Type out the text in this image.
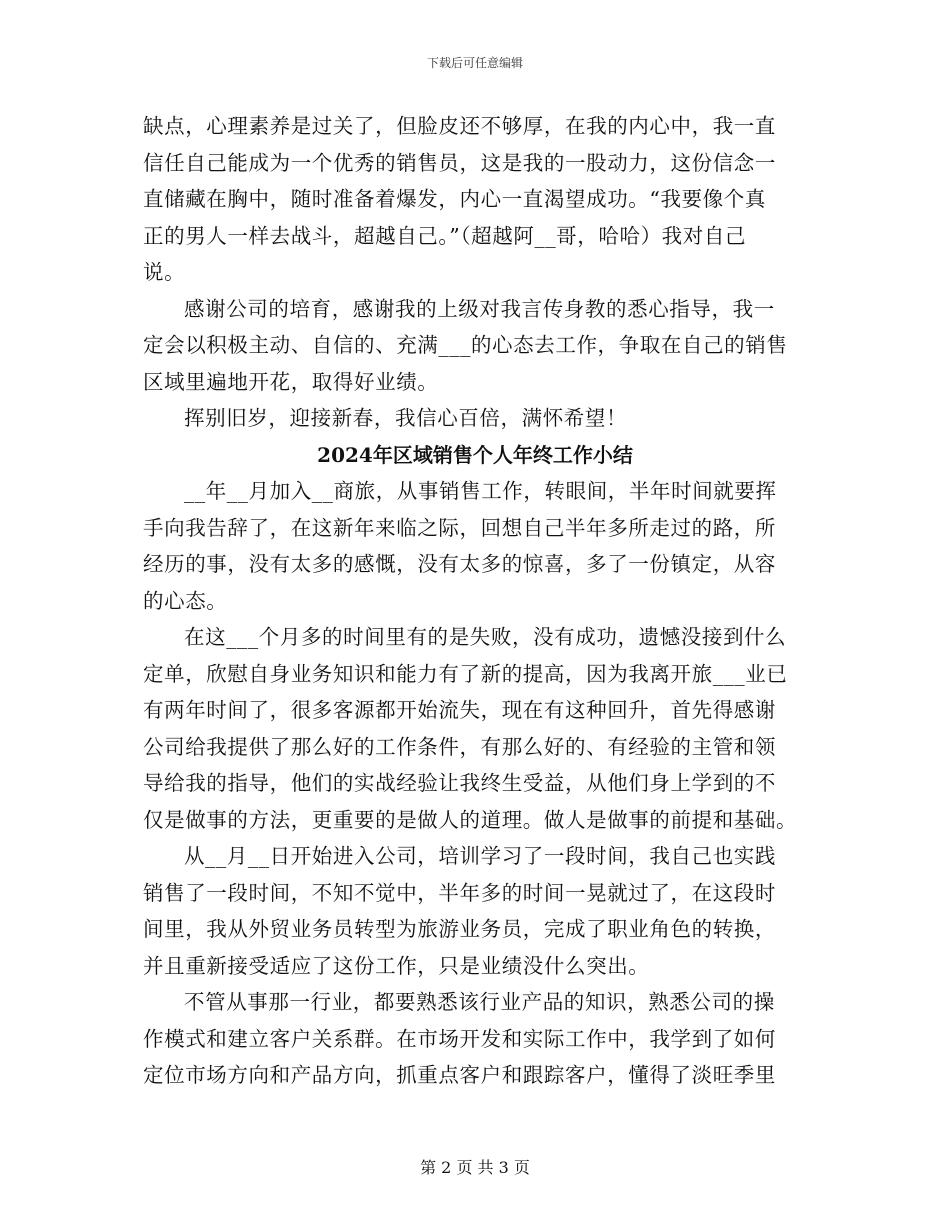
下载后可任意编辑
缺点，心理素养是过关了，但脸皮还不够厚，在我的内心中，我一直
信任自己能成为一个优秀的销售员，这是我的一股动力，这份信念一
直储藏在胸中，随时准备着爆发，内心一直渴望成功。“我要像个真
正的男人一样去战斗，超越自己。”（超越阿__哥，哈哈）我对自己
说。
感谢公司的培育，感谢我的上级对我言传身教的悉心指导，我一
定会以积极主动、自信的、充满___的心态去工作，争取在自己的销售
区域里遍地开花，取得好业绩。
挥别旧岁，迎接新春，我信心百倍，满怀希望！
2024年区域销售个人年终工作小结
__年__月加入__商旅，从事销售工作，转眼间，半年时间就要挥
手向我告辞了，在这新年来临之际，回想自己半年多所走过的路，所
经历的事，没有太多的感慨，没有太多的惊喜，多了一份镇定，从容
的心态。
在这___个月多的时间里有的是失败，没有成功，遗憾没接到什么
定单，欣慰自身业务知识和能力有了新的提高，因为我离开旅___业已
有两年时间了，很多客源都开始流失，现在有这种回升，首先得感谢
公司给我提供了那么好的工作条件，有那么好的、有经验的主管和领
导给我的指导，他们的实战经验让我终生受益，从他们身上学到的不
仅是做事的方法，更重要的是做人的道理。做人是做事的前提和基础。
从__月__日开始进入公司，培训学习了一段时间，我自己也实践
销售了一段时间，不知不觉中，半年多的时间一晃就过了，在这段时
间里，我从外贸业务员转型为旅游业务员，完成了职业角色的转换，
并且重新接受适应了这份工作，只是业绩没什么突出。
不管从事那一行业，都要熟悉该行业产品的知识，熟悉公司的操
作模式和建立客户关系群。在市场开发和实际工作中，我学到了如何
定位市场方向和产品方向，抓重点客户和跟踪客户，懂得了淡旺季里
第 2 页 共 3 页
